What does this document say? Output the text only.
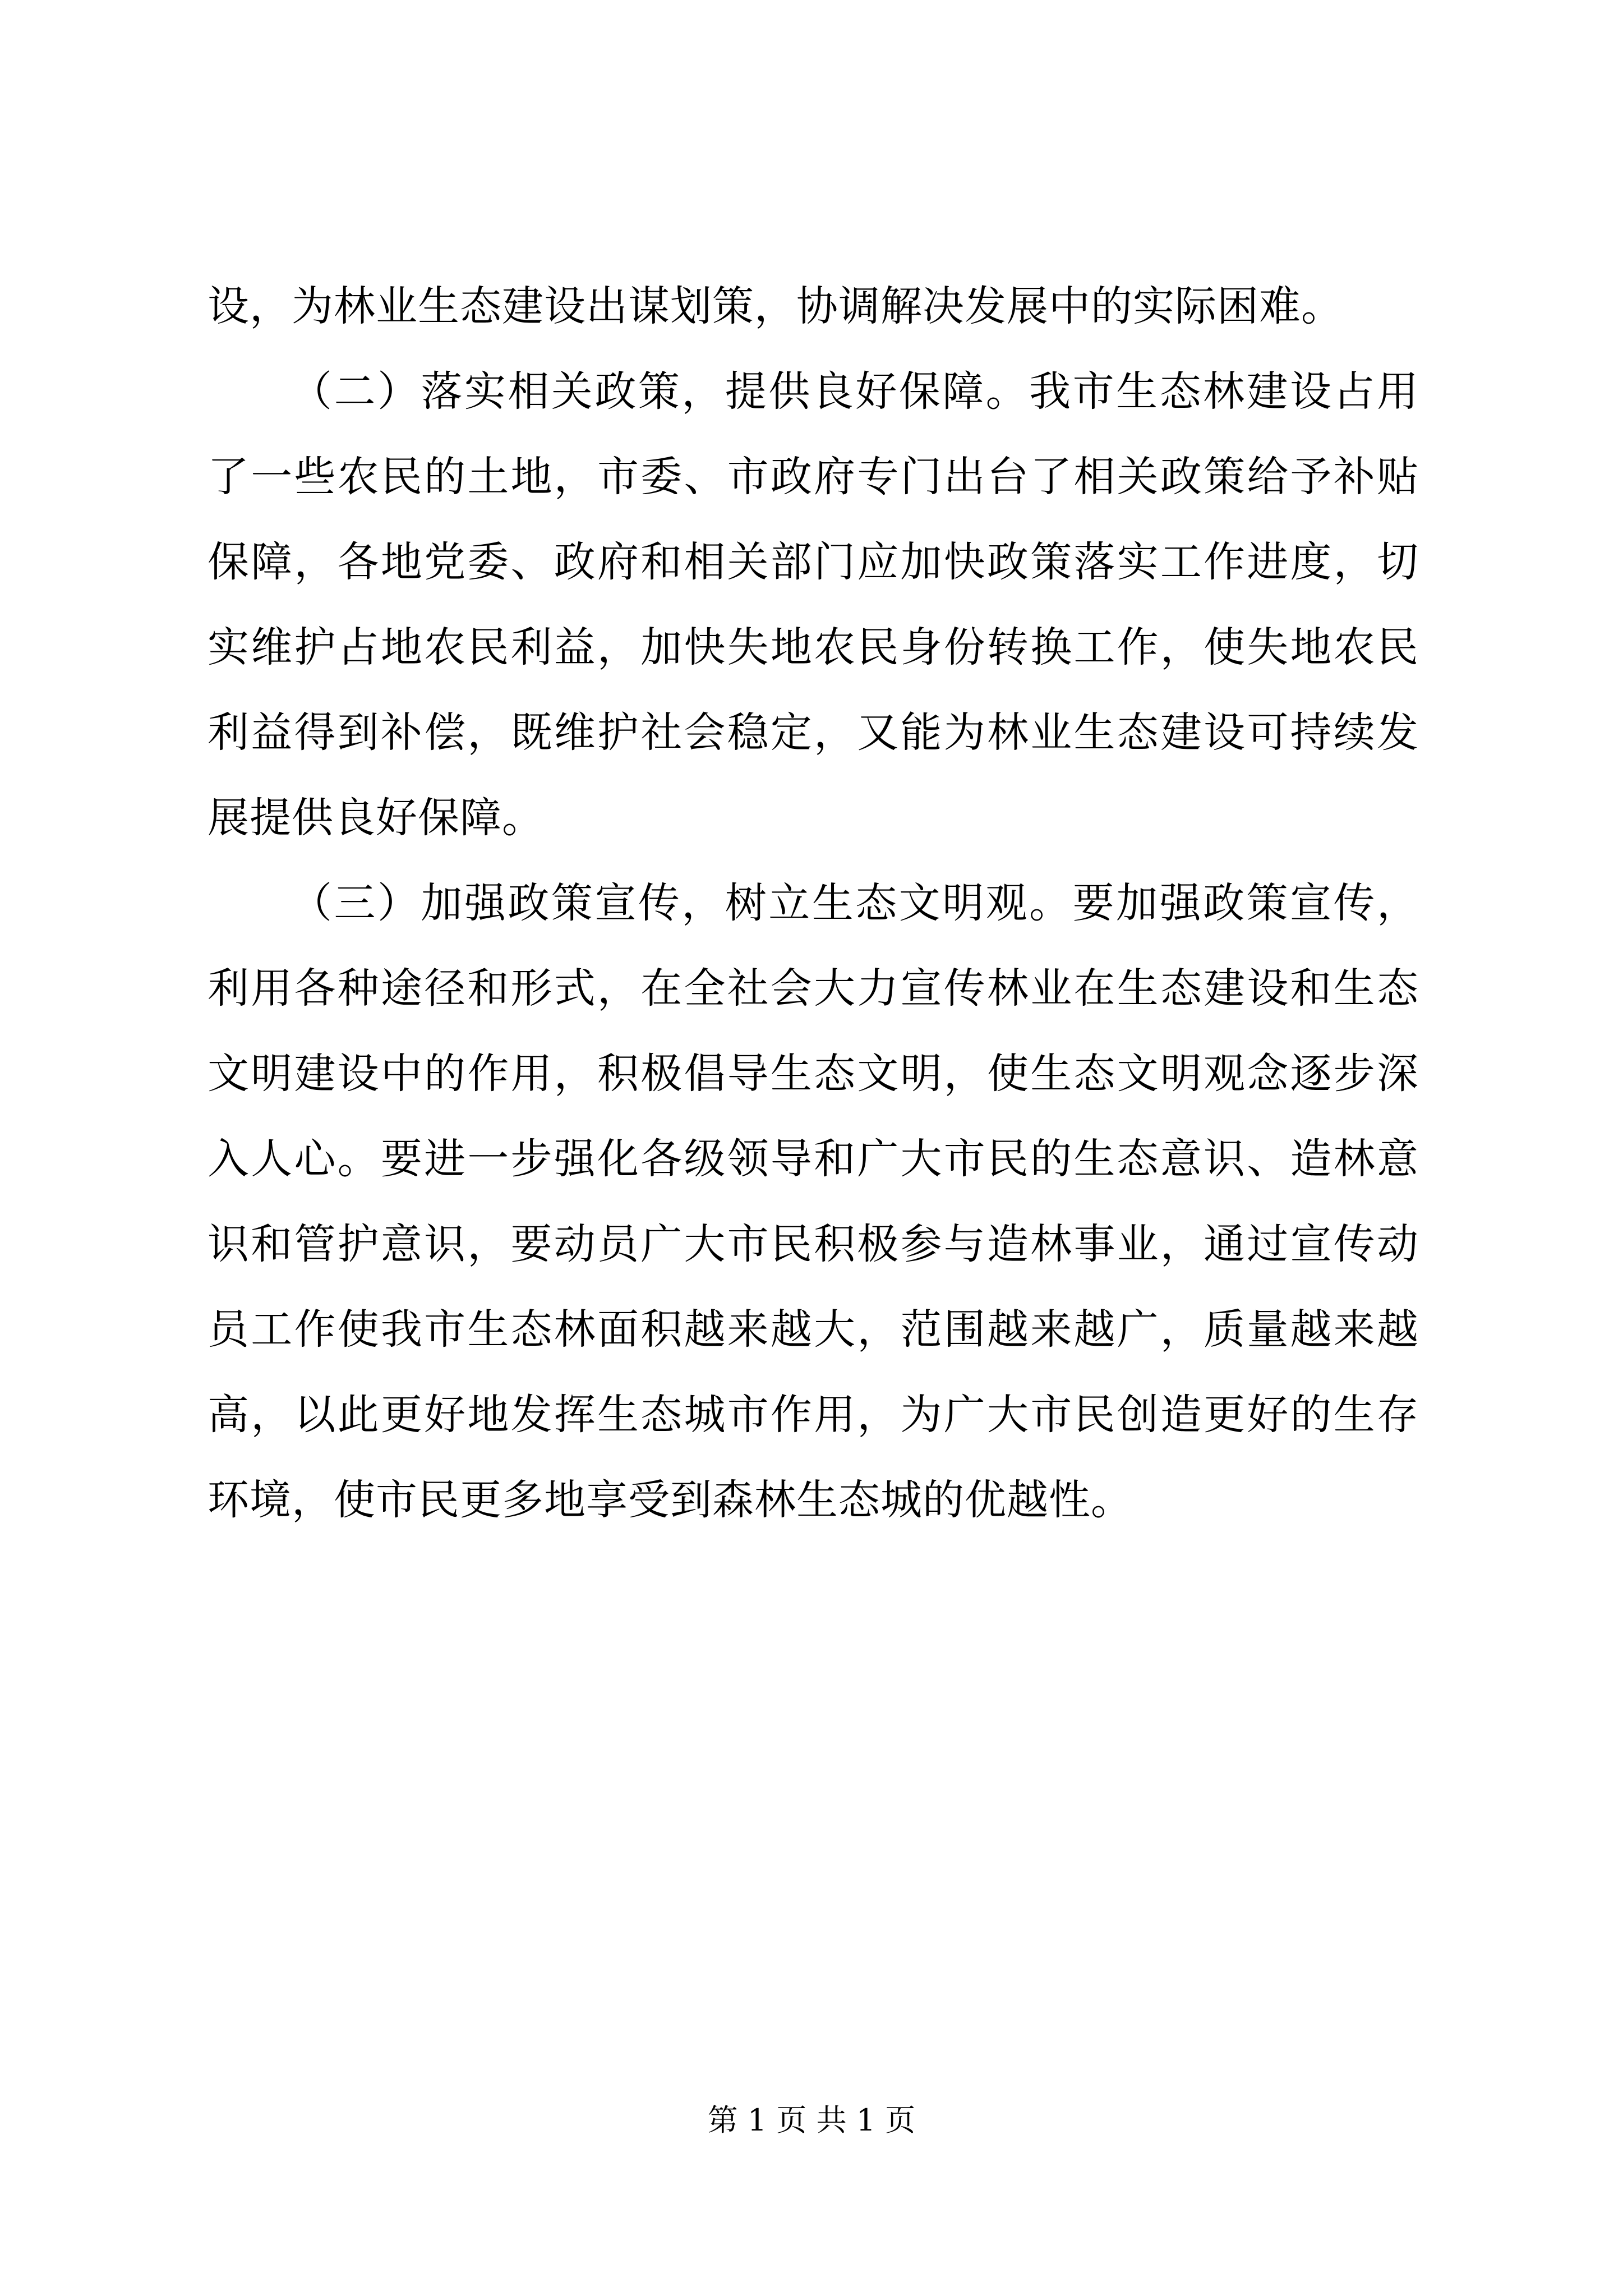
设，为林业生态建设出谋划策，协调解决发展中的实际困难。
（二）落实相关政策，提供良好保障。我市生态林建设占用
了一些农民的土地，市委、市政府专门出台了相关政策给予补贴
保障，各地党委、政府和相关部门应加快政策落实工作进度，切
实维护占地农民利益，加快失地农民身份转换工作，使失地农民
利益得到补偿，既维护社会稳定，又能为林业生态建设可持续发
展提供良好保障。
（三）加强政策宣传，树立生态文明观。要加强政策宣传，
利用各种途径和形式，在全社会大力宣传林业在生态建设和生态
文明建设中的作用，积极倡导生态文明，使生态文明观念逐步深
入人心。要进一步强化各级领导和广大市民的生态意识、造林意
识和管护意识，要动员广大市民积极参与造林事业，通过宣传动
员工作使我市生态林面积越来越大，范围越来越广，质量越来越
高，以此更好地发挥生态城市作用，为广大市民创造更好的生存
环境，使市民更多地享受到森林生态城的优越性。
第 1 页 共 1 页
